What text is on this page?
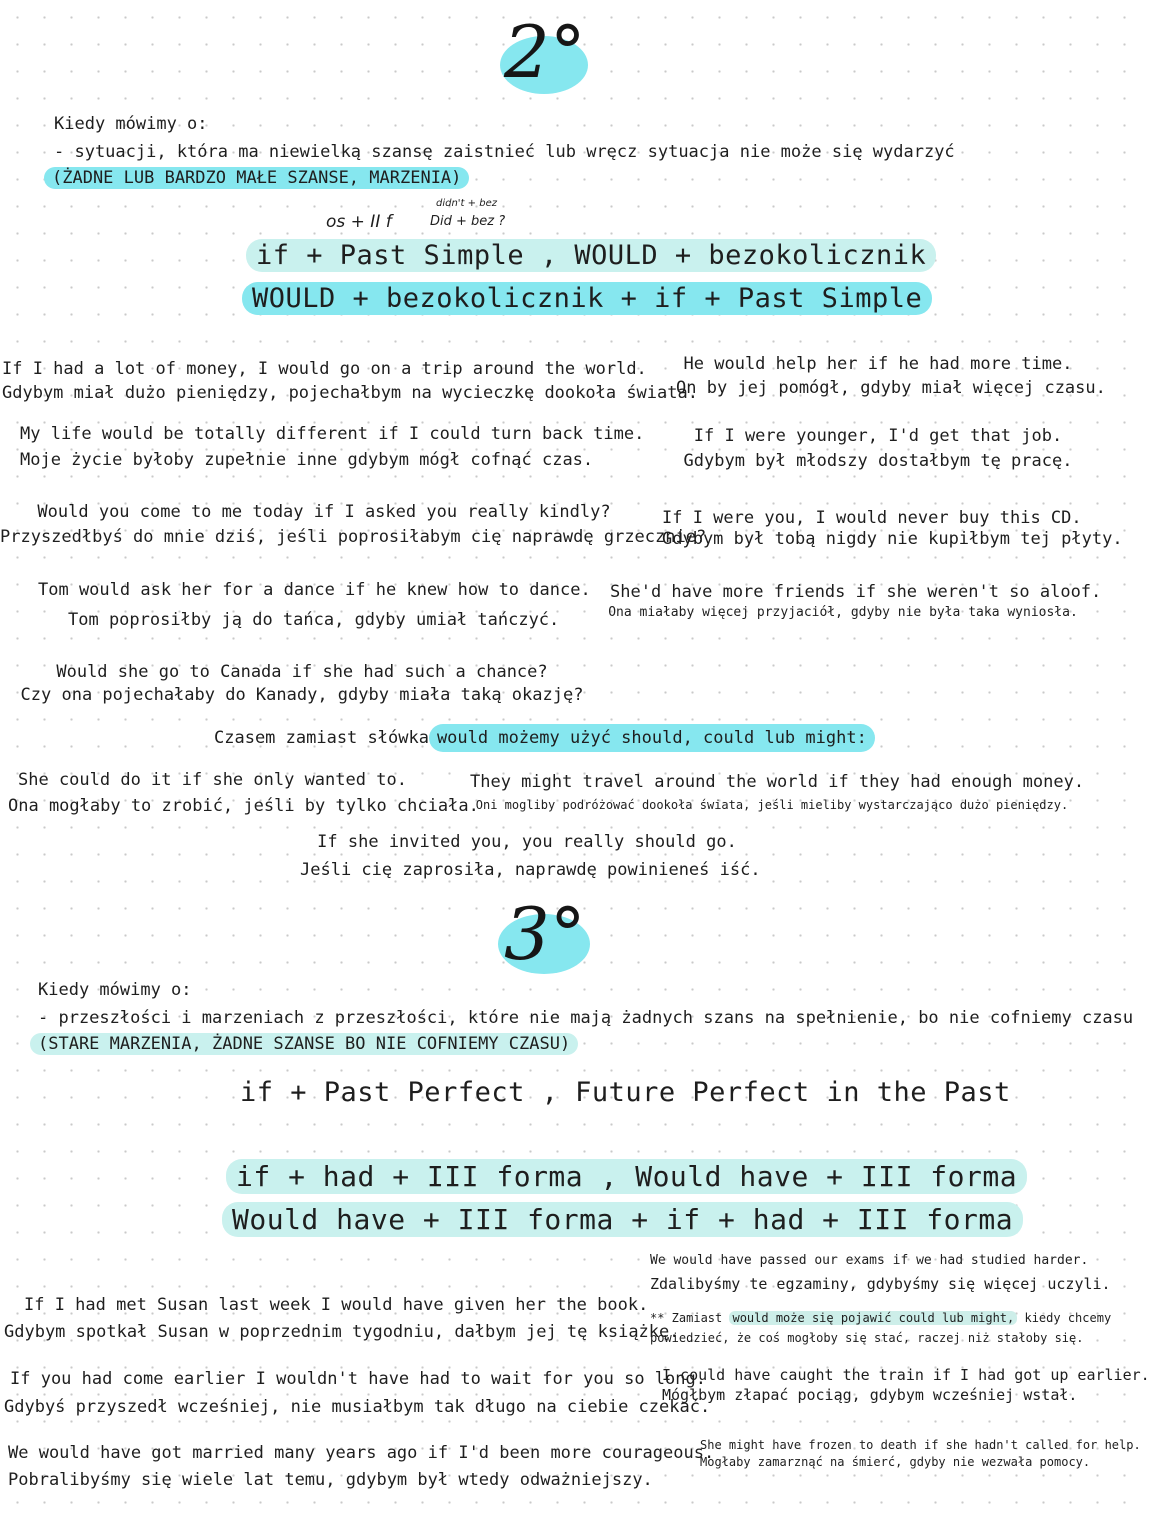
2°
Kiedy mówimy o:
- sytuacji, która ma niewielką szansę zaistnieć lub wręcz sytuacja nie może się wydarzyć
(ŻADNE LUB BARDZO MAŁE SZANSE, MARZENIA)
os + II f
didn't + bez
Did + bez ?
if + Past Simple , WOULD + bezokolicznik
WOULD + bezokolicznik + if + Past Simple
If I had a lot of money, I would go on a trip around the world.
Gdybym miał dużo pieniędzy, pojechałbym na wycieczkę dookoła świata.
He would help her if he had more time.
On by jej pomógł, gdyby miał więcej czasu.
My life would be totally different if I could turn back time.
Moje życie byłoby zupełnie inne gdybym mógł cofnąć czas.
If I were younger, I'd get that job.
Gdybym był młodszy dostałbym tę pracę.
Would you come to me today if I asked you really kindly?
Przyszedłbyś do mnie dziś, jeśli poprosiłabym cię naprawdę grzecznie?
If I were you, I would never buy this CD.
Gdybym był tobą nigdy nie kupiłbym tej płyty.
Tom would ask her for a dance if he knew how to dance.
Tom poprosiłby ją do tańca, gdyby umiał tańczyć.
She'd have more friends if she weren't so aloof.
Ona miałaby więcej przyjaciół, gdyby nie była taka wyniosła.
Would she go to Canada if she had such a chance?
Czy ona pojechałaby do Kanady, gdyby miała taką okazję?
Czasem zamiast słówka would możemy użyć should, could lub might:
She could do it if she only wanted to.
Ona mogłaby to zrobić, jeśli by tylko chciała.
They might travel around the world if they had enough money.
Oni mogliby podróżować dookoła świata, jeśli mieliby wystarczająco dużo pieniędzy.
If she invited you, you really should go.
Jeśli cię zaprosiła, naprawdę powinieneś iść.
3°
Kiedy mówimy o:
- przeszłości i marzeniach z przeszłości, które nie mają żadnych szans na spełnienie, bo nie cofniemy czasu
(STARE MARZENIA, ŻADNE SZANSE BO NIE COFNIEMY CZASU)
if + Past Perfect , Future Perfect in the Past
if + had + III forma , Would have + III forma
Would have + III forma + if + had + III forma
We would have passed our exams if we had studied harder.
Zdalibyśmy te egzaminy, gdybyśmy się więcej uczyli.
If I had met Susan last week I would have given her the book.
Gdybym spotkał Susan w poprzednim tygodniu, dałbym jej tę książkę.
** Zamiast would może się pojawić could lub might, kiedy chcemy
powiedzieć, że coś mogłoby się stać, raczej niż stałoby się.
If you had come earlier I wouldn't have had to wait for you so long.
Gdybyś przyszedł wcześniej, nie musiałbym tak długo na ciebie czekać.
I could have caught the train if I had got up earlier.
Mógłbym złapać pociąg, gdybym wcześniej wstał.
We would have got married many years ago if I'd been more courageous.
Pobralibyśmy się wiele lat temu, gdybym był wtedy odważniejszy.
She might have frozen to death if she hadn't called for help.
Mogłaby zamarznąć na śmierć, gdyby nie wezwała pomocy.
